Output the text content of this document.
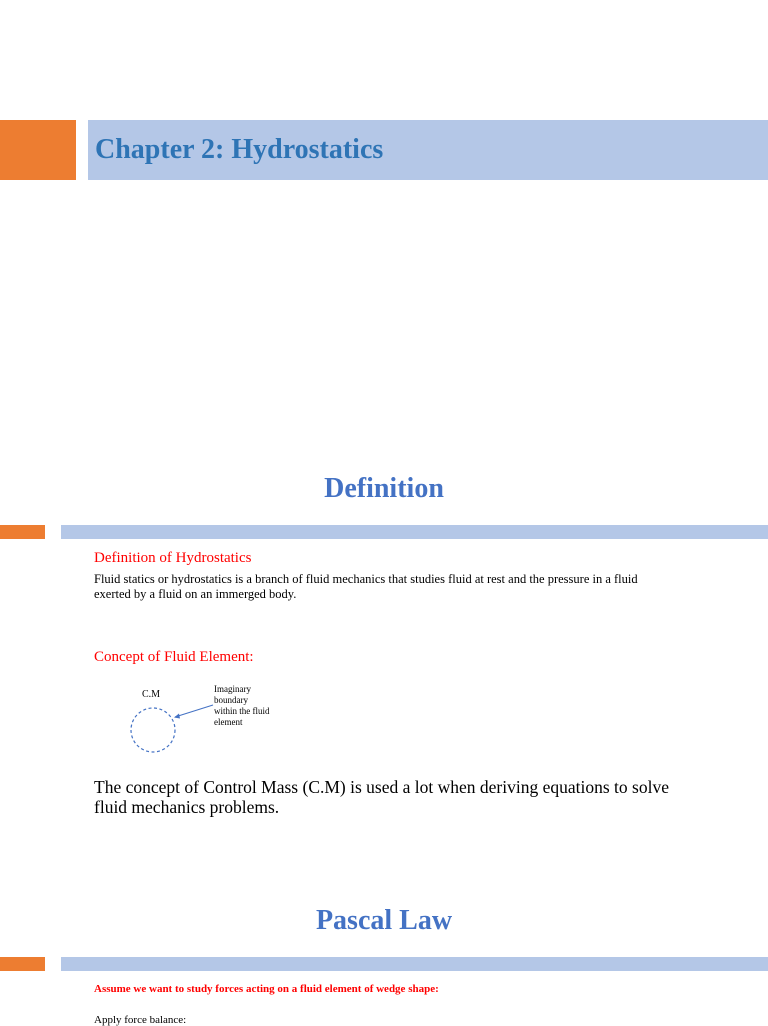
Chapter 2: Hydrostatics
Definition
Definition of Hydrostatics
Fluid statics or hydrostatics is a branch of fluid mechanics that studies fluid at rest and the pressure in a fluid
exerted by a fluid on an immerged body.
Concept of Fluid Element:
C.M	Imaginary
boundary
within the fluid
element
The concept of Control Mass (C.M) is used a lot when deriving equations to solve
fluid mechanics problems.
Pascal Law
Assume we want to study forces acting on a fluid element of wedge shape:
Apply force balance:
